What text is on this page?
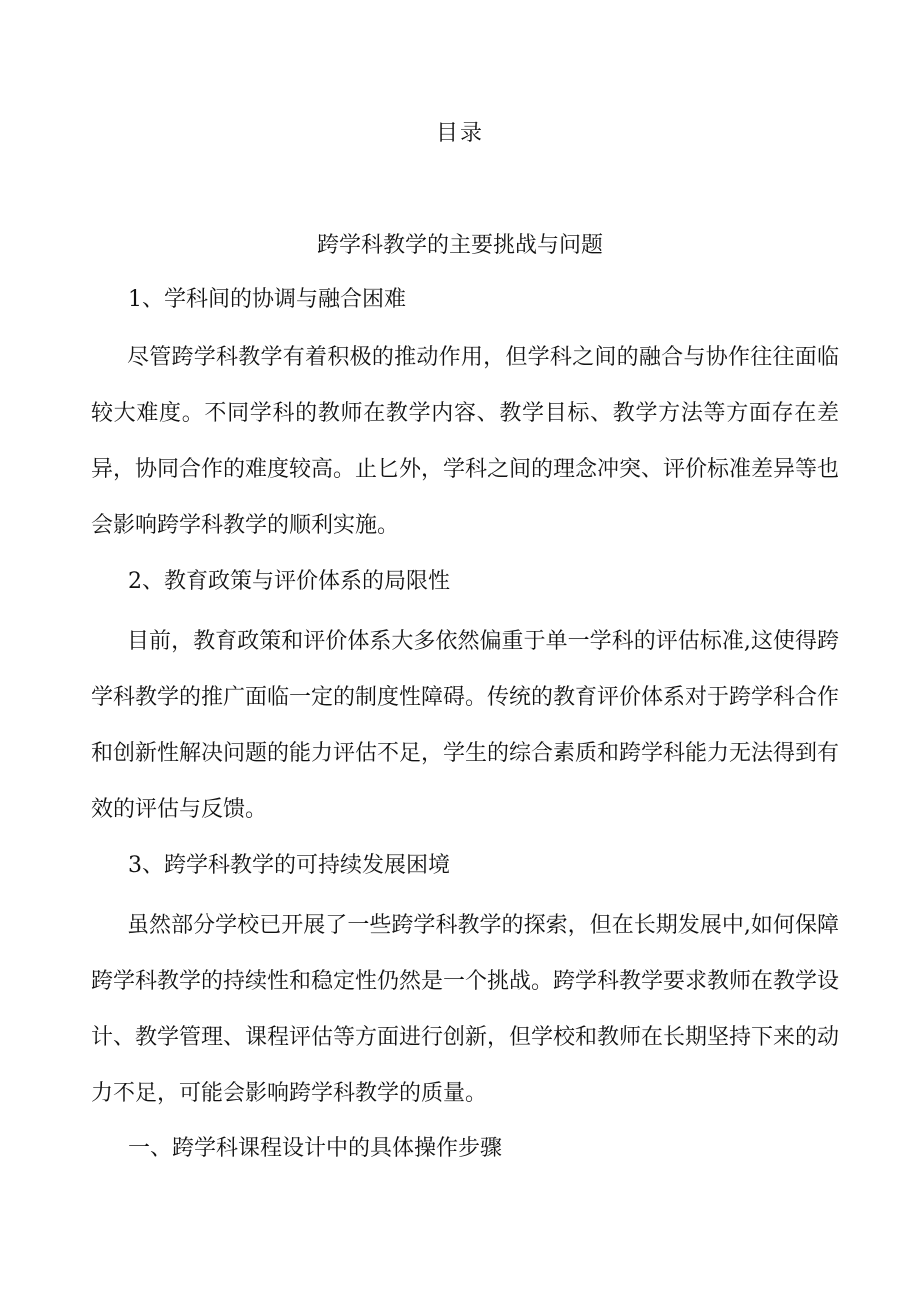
目录
跨学科教学的主要挑战与问题
1、学科间的协调与融合困难
尽管跨学科教学有着积极的推动作用，但学科之间的融合与协作往往面临较大难度。不同学科的教师在教学内容、教学目标、教学方法等方面存在差异，协同合作的难度较高。止匕外，学科之间的理念冲突、评价标准差异等也会影响跨学科教学的顺利实施。
2、教育政策与评价体系的局限性
目前，教育政策和评价体系大多依然偏重于单一学科的评估标准,这使得跨学科教学的推广面临一定的制度性障碍。传统的教育评价体系对于跨学科合作和创新性解决问题的能力评估不足，学生的综合素质和跨学科能力无法得到有效的评估与反馈。
3、跨学科教学的可持续发展困境
虽然部分学校已开展了一些跨学科教学的探索，但在长期发展中,如何保障跨学科教学的持续性和稳定性仍然是一个挑战。跨学科教学要求教师在教学设计、教学管理、课程评估等方面进行创新，但学校和教师在长期坚持下来的动力不足，可能会影响跨学科教学的质量。
一、跨学科课程设计中的具体操作步骤
